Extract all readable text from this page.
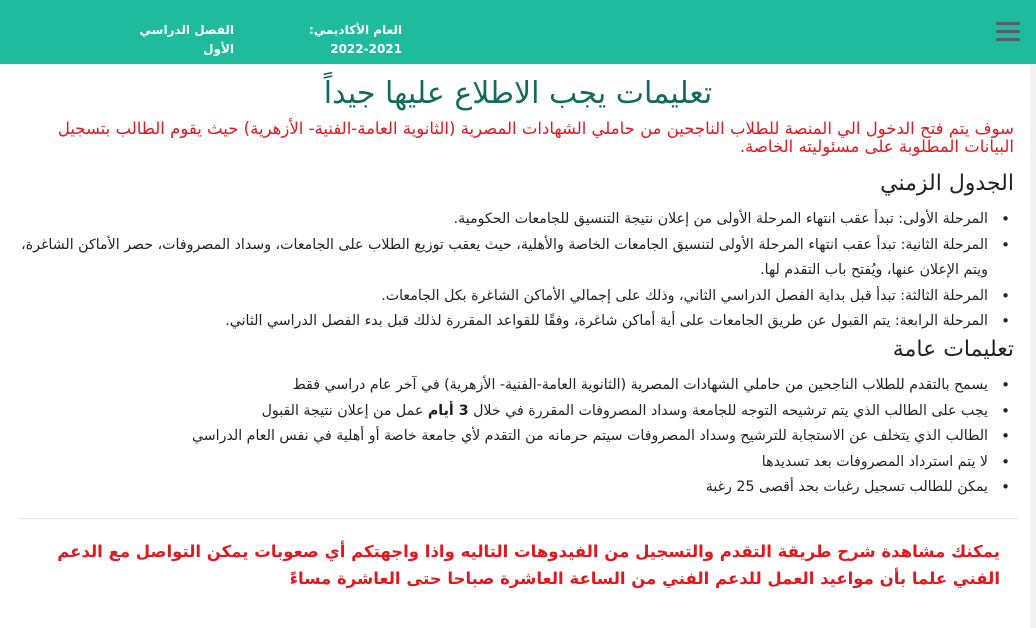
العام الأكاديمي:
2022-2021
الفصل الدراسي
الأول
تعليمات يجب الاطلاع عليها جيداً

سوف يتم فتح الدخول الي المنصة للطلاب الناجحين من حاملي الشهادات المصرية (الثانوية العامة-الفنية- الأزهرية) حيث يقوم الطالب بتسجيل البيانات المطلوبة على مسئوليته الخاصة.

الجدول الزمني
• المرحلة الأولى: تبدأ عقب انتهاء المرحلة الأولى من إعلان نتيجة التنسيق للجامعات الحكومية.
• المرحلة الثانية: تبدأ عقب انتهاء المرحلة الأولى لتنسيق الجامعات الخاصة والأهلية، حيث يعقب توزيع الطلاب على الجامعات، وسداد المصروفات، حصر الأماكن الشاغرة، ويتم الإعلان عنها، ويُفتح باب التقدم لها.
• المرحلة الثالثة: تبدأ قبل بداية الفصل الدراسي الثاني، وذلك على إجمالي الأماكن الشاغرة بكل الجامعات.
• المرحلة الرابعة: يتم القبول عن طريق الجامعات على أية أماكن شاغرة، وفقًا للقواعد المقررة لذلك قبل بدء الفصل الدراسي الثاني.
تعليمات عامة
• يسمح بالتقدم للطلاب الناجحين من حاملي الشهادات المصرية (الثانوية العامة-الفنية- الأزهرية) في آخر عام دراسي فقط
• يجب على الطالب الذي يتم ترشيحه التوجه للجامعة وسداد المصروفات المقررة في خلال 3 أيام عمل من إعلان نتيجة القبول
• الطالب الذي يتخلف عن الاستجابة للترشيح وسداد المصروفات سيتم حرمانه من التقدم لأي جامعة خاصة أو أهلية في نفس العام الدراسي
• لا يتم استرداد المصروفات بعد تسديدها
• يمكن للطالب تسجيل رغبات بحد أقصى 25 رغبة

يمكنك مشاهدة شرح طريقة التقدم والتسجيل من الفيدوهات التاليه واذا واجهتكم أي صعوبات يمكن التواصل مع الدعم الفني علما بأن مواعيد العمل للدعم الفني من الساعة العاشرة صباحا حتى العاشرة مساءً
